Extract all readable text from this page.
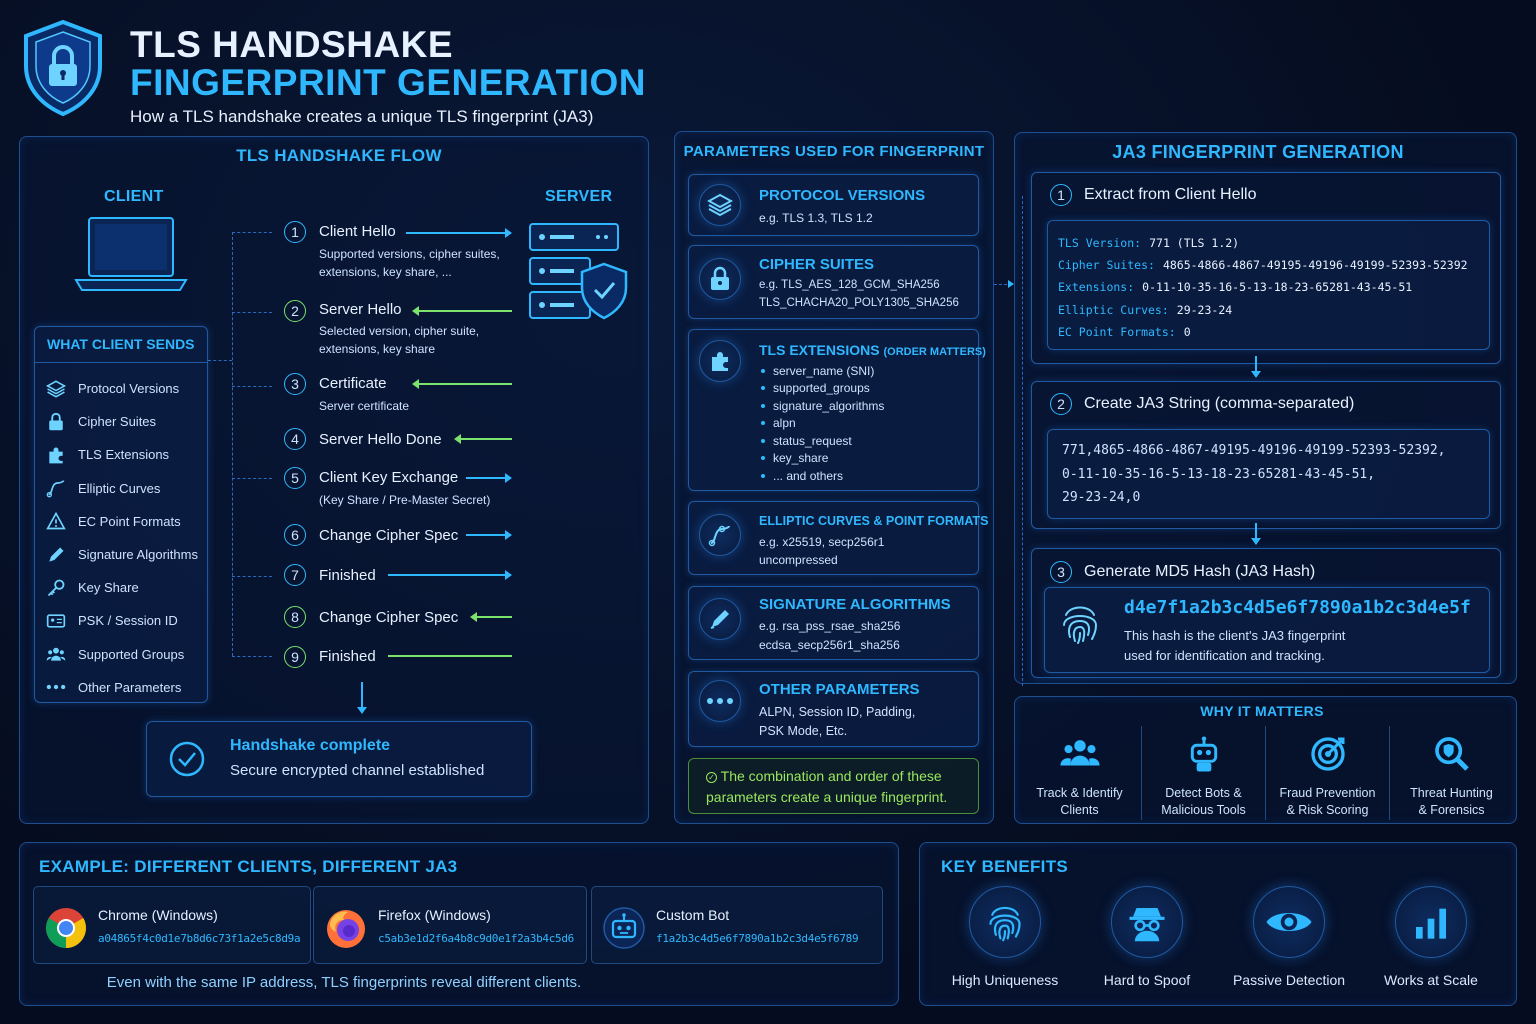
TLS HANDSHAKE
FINGERPRINT GENERATION
How a TLS handshake creates a unique TLS fingerprint (JA3)
TLS HANDSHAKE FLOW
CLIENT	SERVER
1	Client Hello
Supported versions, cipher suites,
extensions, key share, ...
2	Server Hello
Selected version, cipher suite,
extensions, key share
3	Certificate
Server certificate
4	Server Hello Done
5	Client Key Exchange
(Key Share / Pre-Master Secret)
6	Change Cipher Spec
7	Finished
8	Change Cipher Spec
9	Finished
WHAT CLIENT SENDS
Protocol Versions
Cipher Suites
TLS Extensions
Elliptic Curves
EC Point Formats
Signature Algorithms
Key Share
PSK / Session ID
Supported Groups
Other Parameters
Handshake complete
Secure encrypted channel established
PARAMETERS USED FOR FINGERPRINT
PROTOCOL VERSIONS
e.g. TLS 1.3, TLS 1.2
CIPHER SUITES
e.g. TLS_AES_128_GCM_SHA256
TLS_CHACHA20_POLY1305_SHA256
TLS EXTENSIONS (ORDER MATTERS)
server_name (SNI)
supported_groups
signature_algorithms
alpn
status_request
key_share
... and others
ELLIPTIC CURVES & POINT FORMATS
e.g. x25519, secp256r1
uncompressed
SIGNATURE ALGORITHMS
e.g. rsa_pss_rsae_sha256
ecdsa_secp256r1_sha256
OTHER PARAMETERS
ALPN, Session ID, Padding,
PSK Mode, Etc.
✓ The combination and order of these
parameters create a unique fingerprint.
JA3 FINGERPRINT GENERATION
1	Extract from Client Hello
TLS Version: 771 (TLS 1.2)
Cipher Suites: 4865-4866-4867-49195-49196-49199-52393-52392
Extensions: 0-11-10-35-16-5-13-18-23-65281-43-45-51
Elliptic Curves: 29-23-24
EC Point Formats: 0
2	Create JA3 String (comma-separated)
771,4865-4866-4867-49195-49196-49199-52393-52392,
0-11-10-35-16-5-13-18-23-65281-43-45-51,
29-23-24,0
3	Generate MD5 Hash (JA3 Hash)
d4e7f1a2b3c4d5e6f7890a1b2c3d4e5f
This hash is the client's JA3 fingerprint
used for identification and tracking.
WHY IT MATTERS
Track & Identify
Clients
Detect Bots &
Malicious Tools
Fraud Prevention
& Risk Scoring
Threat Hunting
& Forensics
EXAMPLE: DIFFERENT CLIENTS, DIFFERENT JA3
Chrome (Windows)
a04865f4c0d1e7b8d6c73f1a2e5c8d9a
Firefox (Windows)
c5ab3e1d2f6a4b8c9d0e1f2a3b4c5d6
Custom Bot
f1a2b3c4d5e6f7890a1b2c3d4e5f6789
Even with the same IP address, TLS fingerprints reveal different clients.
KEY BENEFITS
High Uniqueness	Hard to Spoof	Passive Detection	Works at Scale
